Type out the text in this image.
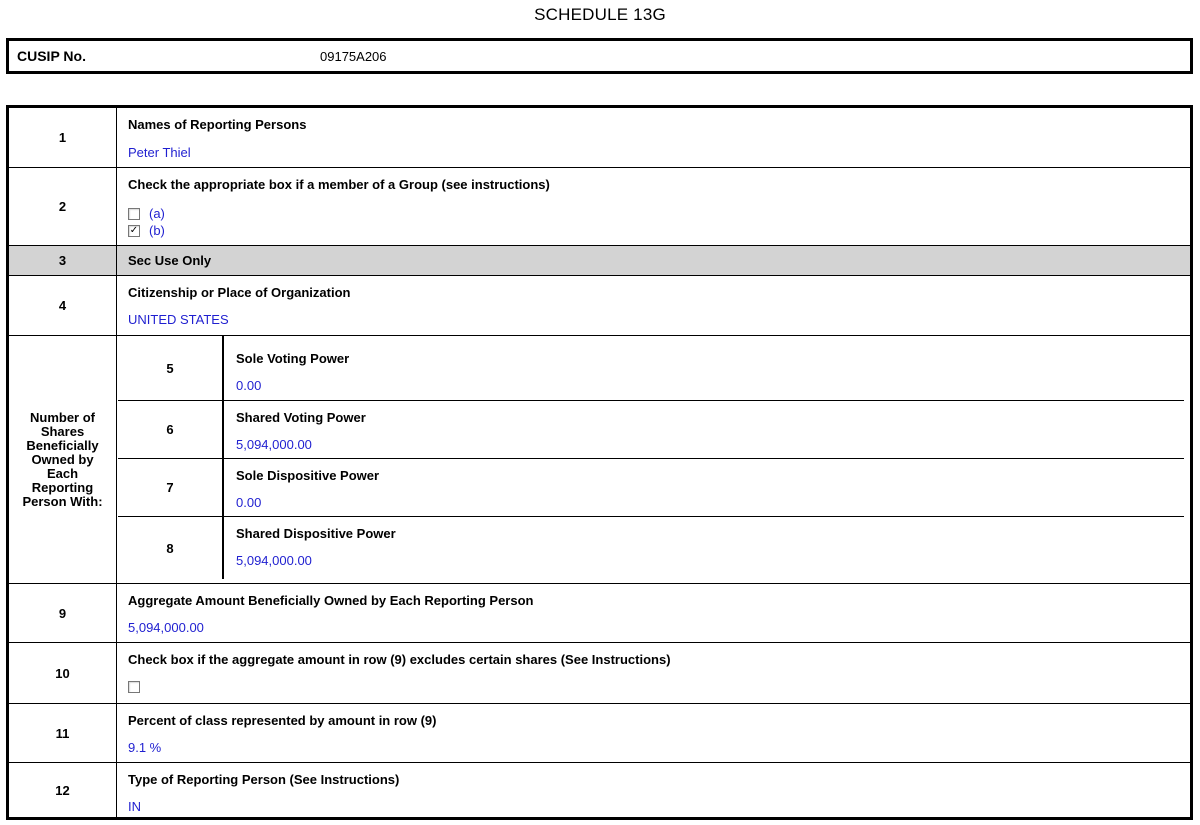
SCHEDULE 13G
CUSIP No.	09175A206
1
Names of Reporting Persons
Peter Thiel
2
Check the appropriate box if a member of a Group (see instructions)
(a)
✓ (b)
3	Sec Use Only
4
Citizenship or Place of Organization
UNITED STATES
Number of Shares Beneficially Owned by Each Reporting Person With:
5
Sole Voting Power
0.00
6
Shared Voting Power
5,094,000.00
7
Sole Dispositive Power
0.00
8
Shared Dispositive Power
5,094,000.00
9
Aggregate Amount Beneficially Owned by Each Reporting Person
5,094,000.00
10
Check box if the aggregate amount in row (9) excludes certain shares (See Instructions)
11
Percent of class represented by amount in row (9)
9.1 %
12
Type of Reporting Person (See Instructions)
IN
